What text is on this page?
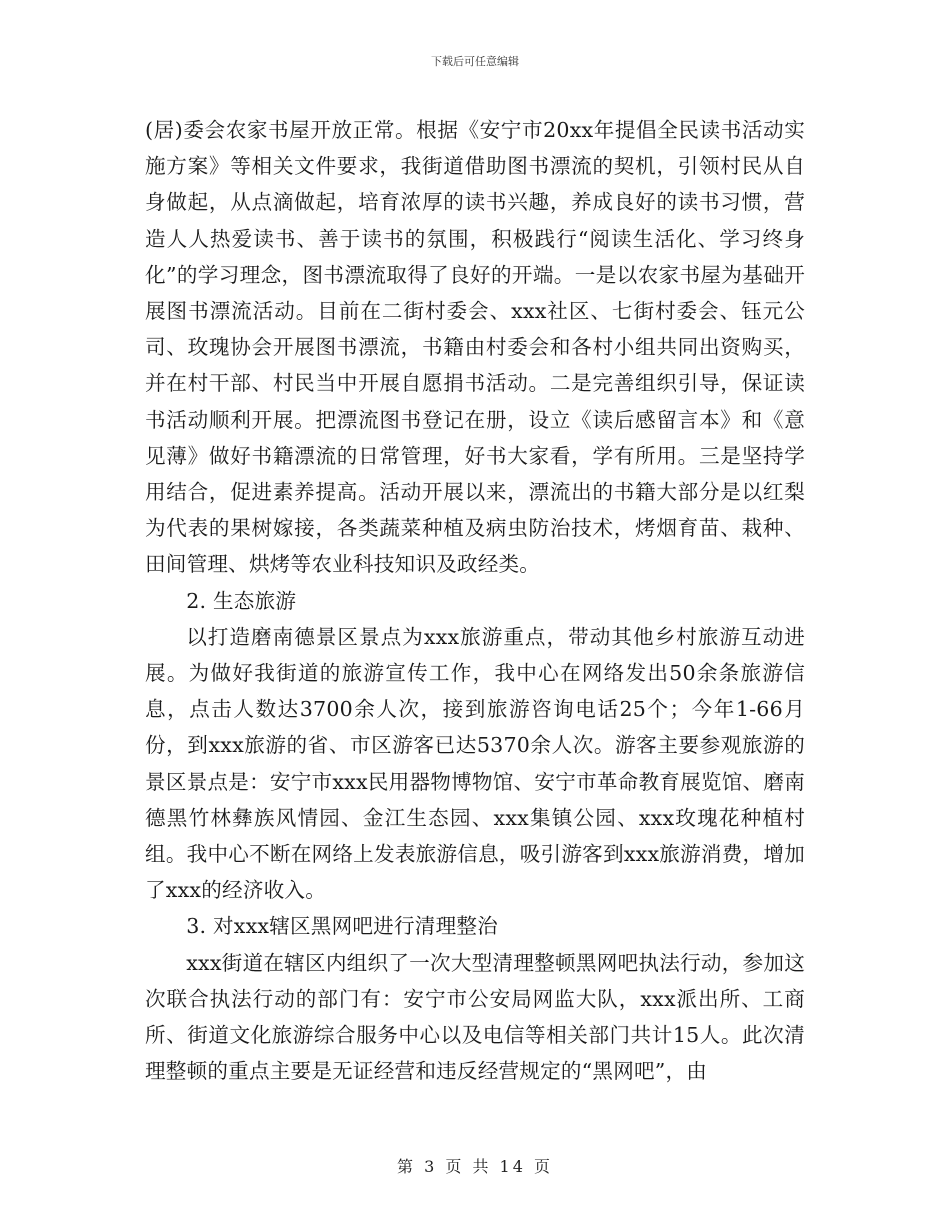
下载后可任意编辑

(居)委会农家书屋开放正常。根据《安宁市20xx年提倡全民读书活动实施方案》等相关文件要求，我街道借助图书漂流的契机，引领村民从自身做起，从点滴做起，培育浓厚的读书兴趣，养成良好的读书习惯，营造人人热爱读书、善于读书的氛围，积极践行“阅读生活化、学习终身化”的学习理念，图书漂流取得了良好的开端。一是以农家书屋为基础开展图书漂流活动。目前在二街村委会、xxx社区、七街村委会、钰元公司、玫瑰协会开展图书漂流，书籍由村委会和各村小组共同出资购买，并在村干部、村民当中开展自愿捐书活动。二是完善组织引导，保证读书活动顺利开展。把漂流图书登记在册，设立《读后感留言本》和《意见薄》做好书籍漂流的日常管理，好书大家看，学有所用。三是坚持学用结合，促进素养提高。活动开展以来，漂流出的书籍大部分是以红梨为代表的果树嫁接，各类蔬菜种植及病虫防治技术，烤烟育苗、栽种、田间管理、烘烤等农业科技知识及政经类。

2. 生态旅游

以打造磨南德景区景点为xxx旅游重点，带动其他乡村旅游互动进展。为做好我街道的旅游宣传工作，我中心在网络发出50余条旅游信息，点击人数达3700余人次，接到旅游咨询电话25个；今年1-66月份，到xxx旅游的省、市区游客已达5370余人次。游客主要参观旅游的景区景点是：安宁市xxx民用器物博物馆、安宁市革命教育展览馆、磨南德黑竹林彝族风情园、金江生态园、xxx集镇公园、xxx玫瑰花种植村组。我中心不断在网络上发表旅游信息，吸引游客到xxx旅游消费，增加了xxx的经济收入。

3. 对xxx辖区黑网吧进行清理整治

xxx街道在辖区内组织了一次大型清理整顿黑网吧执法行动，参加这次联合执法行动的部门有：安宁市公安局网监大队，xxx派出所、工商所、街道文化旅游综合服务中心以及电信等相关部门共计15人。此次清理整顿的重点主要是无证经营和违反经营规定的“黑网吧”，由

第 3 页 共 14 页
